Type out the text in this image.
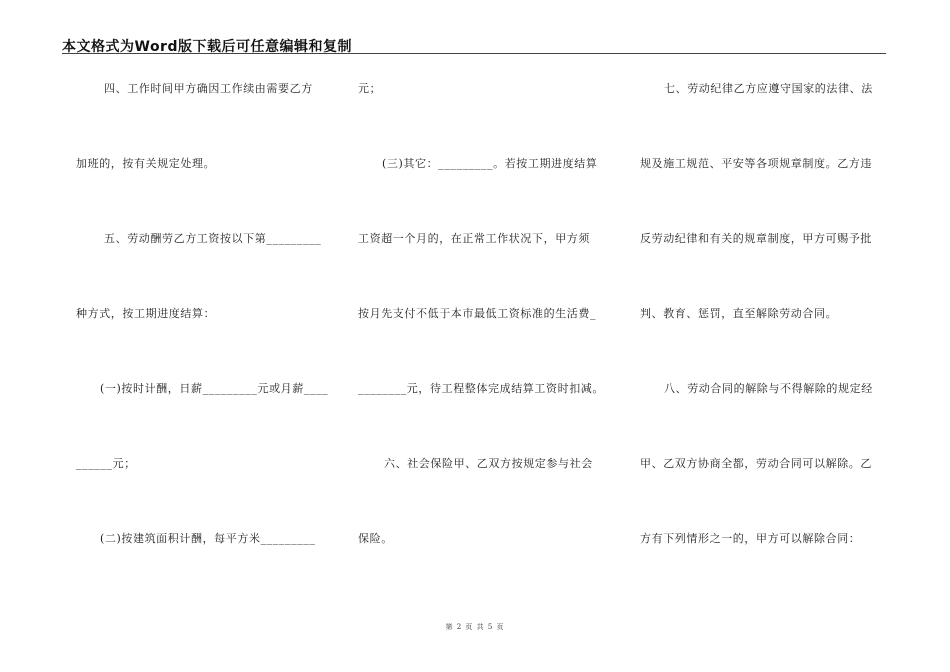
本文格式为Word版下载后可任意编辑和复制
四、工作时间甲方确因工作续由需要乙方
加班的，按有关规定处理。
五、劳动酬劳乙方工资按以下第_________
种方式，按工期进度结算：
(一)按时计酬，日薪_________元或月薪____
______元；
(二)按建筑面积计酬，每平方米_________
元；
(三)其它：_________。若按工期进度结算
工资超一个月的，在正常工作状况下，甲方须
按月先支付不低于本市最低工资标准的生活费_
________元，待工程整体完成结算工资时扣减。
六、社会保险甲、乙双方按规定参与社会
保险。
七、劳动纪律乙方应遵守国家的法律、法
规及施工规范、平安等各项规章制度。乙方违
反劳动纪律和有关的规章制度，甲方可赐予批
判、教育、惩罚，直至解除劳动合同。
八、劳动合同的解除与不得解除的规定经
甲、乙双方协商全都，劳动合同可以解除。乙
方有下列情形之一的，甲方可以解除合同：
第 2 页 共 5 页
